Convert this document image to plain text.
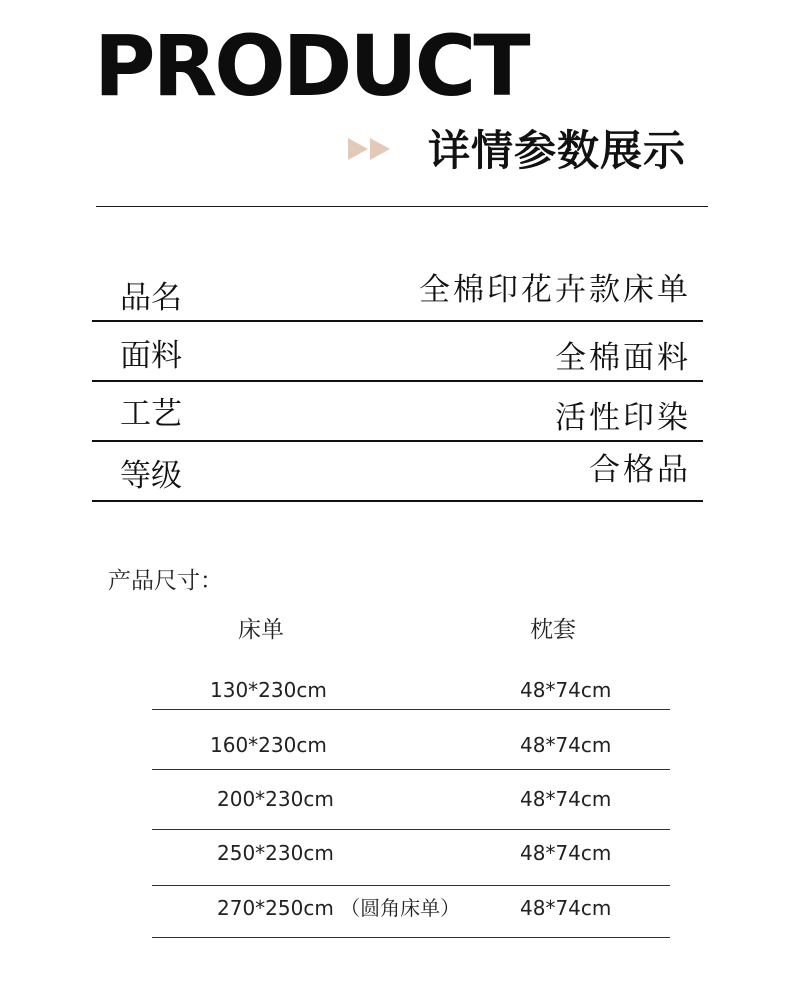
PRODUCT
详情参数展示
品名	全棉印花卉款床单
面料	全棉面料
工艺	活性印染
等级	合格品
产品尺寸：
床单	枕套
130*230cm	48*74cm
160*230cm	48*74cm
200*230cm	48*74cm
250*230cm	48*74cm
270*250cm （圆角床单）	48*74cm
